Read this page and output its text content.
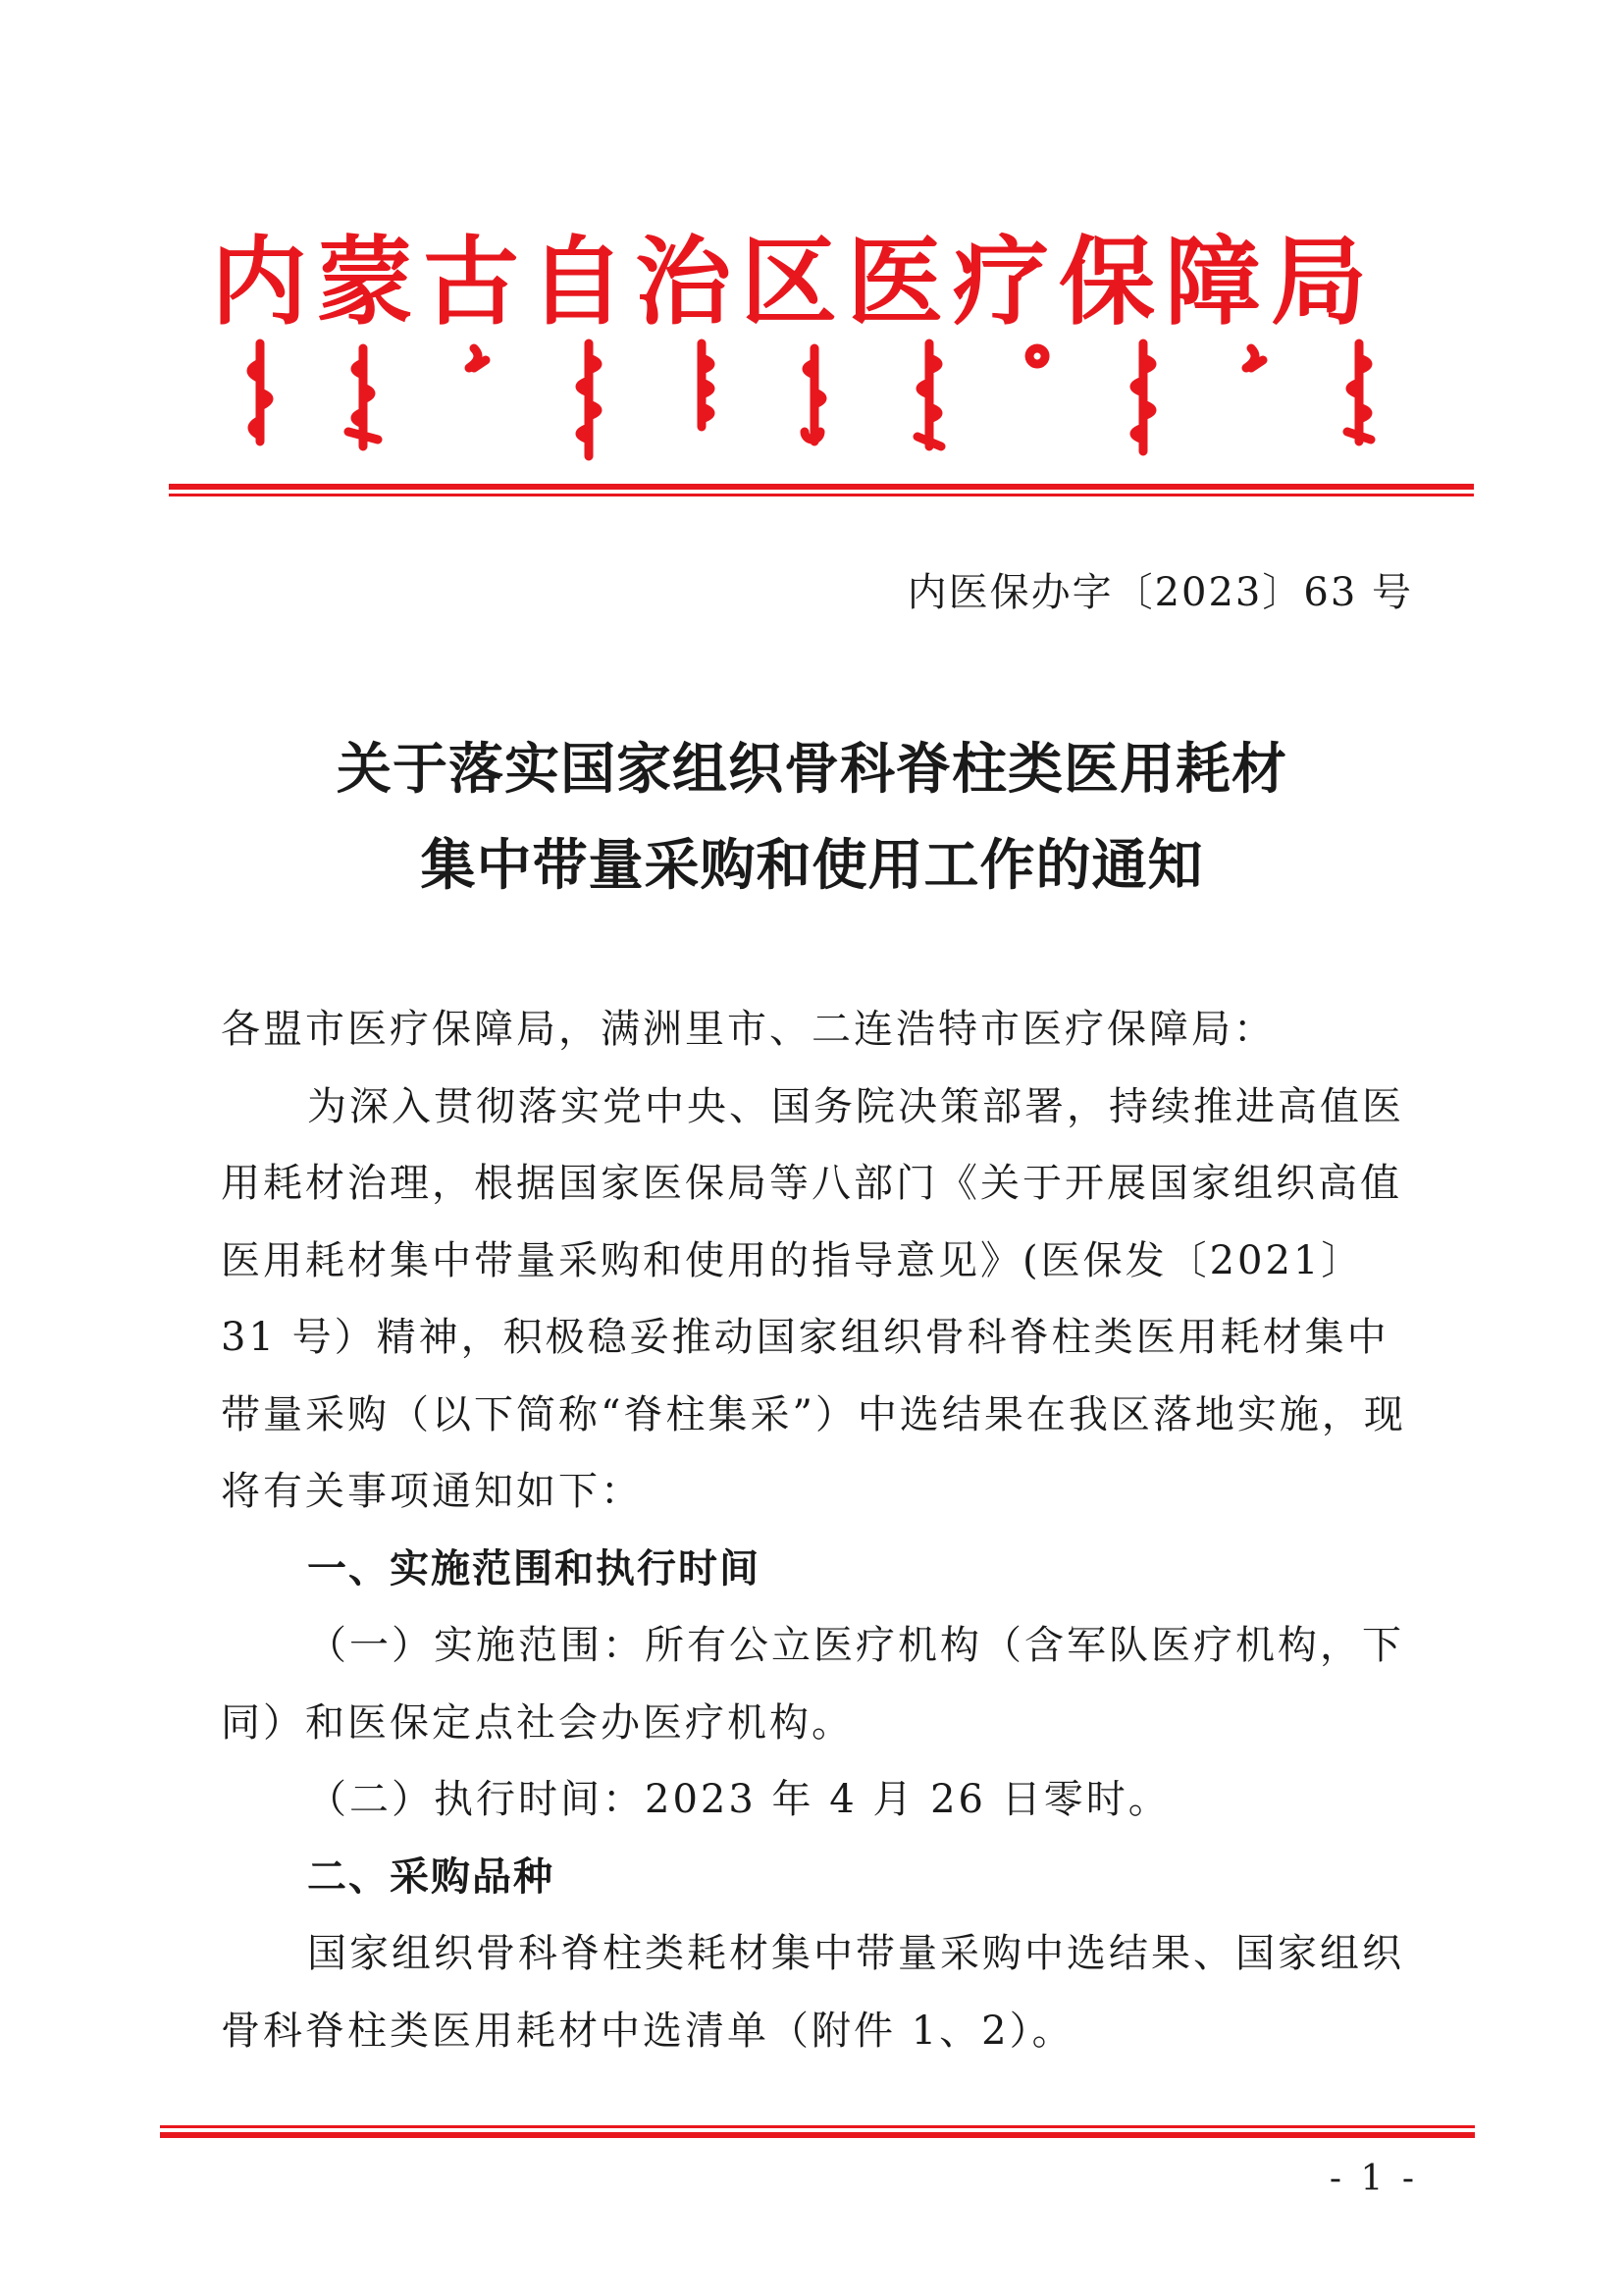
内蒙古自治区医疗保障局
内医保办字〔2023〕63 号
关于落实国家组织骨科脊柱类医用耗材
集中带量采购和使用工作的通知

各盟市医疗保障局，满洲里市、二连浩特市医疗保障局：

为深入贯彻落实党中央、国务院决策部署，持续推进高值医用耗材治理，根据国家医保局等八部门《关于开展国家组织高值医用耗材集中带量采购和使用的指导意见》(医保发〔2021〕31 号）精神，积极稳妥推动国家组织骨科脊柱类医用耗材集中带量采购（以下简称“脊柱集采”）中选结果在我区落地实施，现将有关事项通知如下：

一、实施范围和执行时间

（一）实施范围：所有公立医疗机构（含军队医疗机构，下同）和医保定点社会办医疗机构。

（二）执行时间：2023 年 4 月 26 日零时。

二、采购品种

国家组织骨科脊柱类耗材集中带量采购中选结果、国家组织骨科脊柱类医用耗材中选清单（附件 1、2）。

- 1 -
